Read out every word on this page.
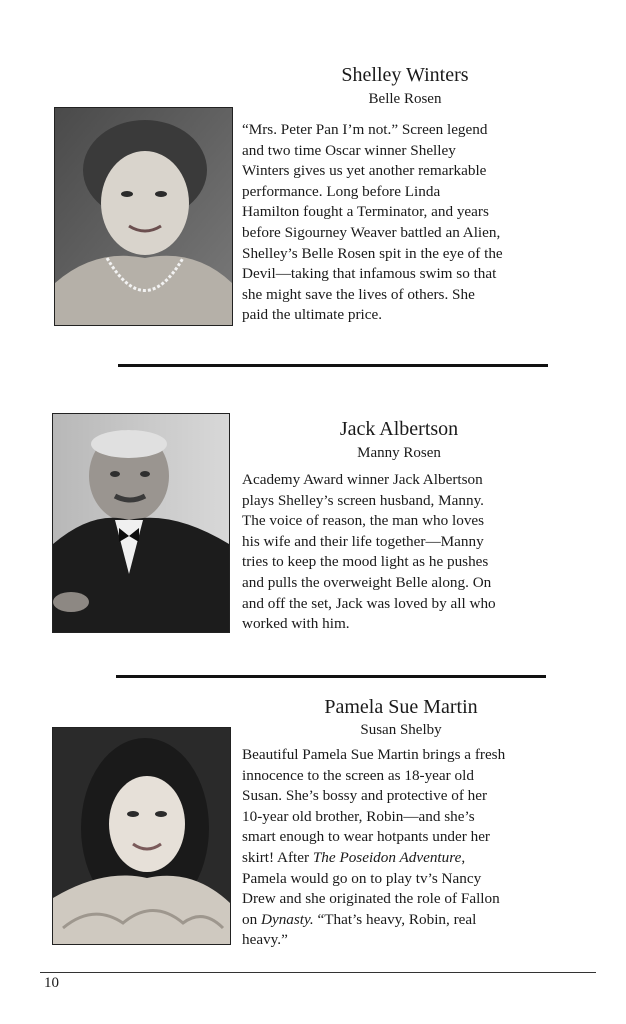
Shelley Winters
Belle Rosen

“Mrs. Peter Pan I’m not.” Screen legend

and two time Oscar winner Shelley

Winters gives us yet another remarkable

performance. Long before Linda

Hamilton fought a Terminator, and years

before Sigourney Weaver battled an Alien,

Shelley’s Belle Rosen spit in the eye of the

Devil—taking that infamous swim so that

she might save the lives of others. She

paid the ultimate price.

Jack Albertson
Manny Rosen

Academy Award winner Jack Albertson

plays Shelley’s screen husband, Manny.

The voice of reason, the man who loves

his wife and their life together—Manny

tries to keep the mood light as he pushes

and pulls the overweight Belle along. On

and off the set, Jack was loved by all who

worked with him.

Pamela Sue Martin
Susan Shelby

Beautiful Pamela Sue Martin brings a fresh

innocence to the screen as 18-year old

Susan. She’s bossy and protective of her

10-year old brother, Robin—and she’s

smart enough to wear hotpants under her

skirt! After The Poseidon Adventure,

Pamela would go on to play tv’s Nancy

Drew and she originated the role of Fallon

on Dynasty. “That’s heavy, Robin, real

heavy.”

10
